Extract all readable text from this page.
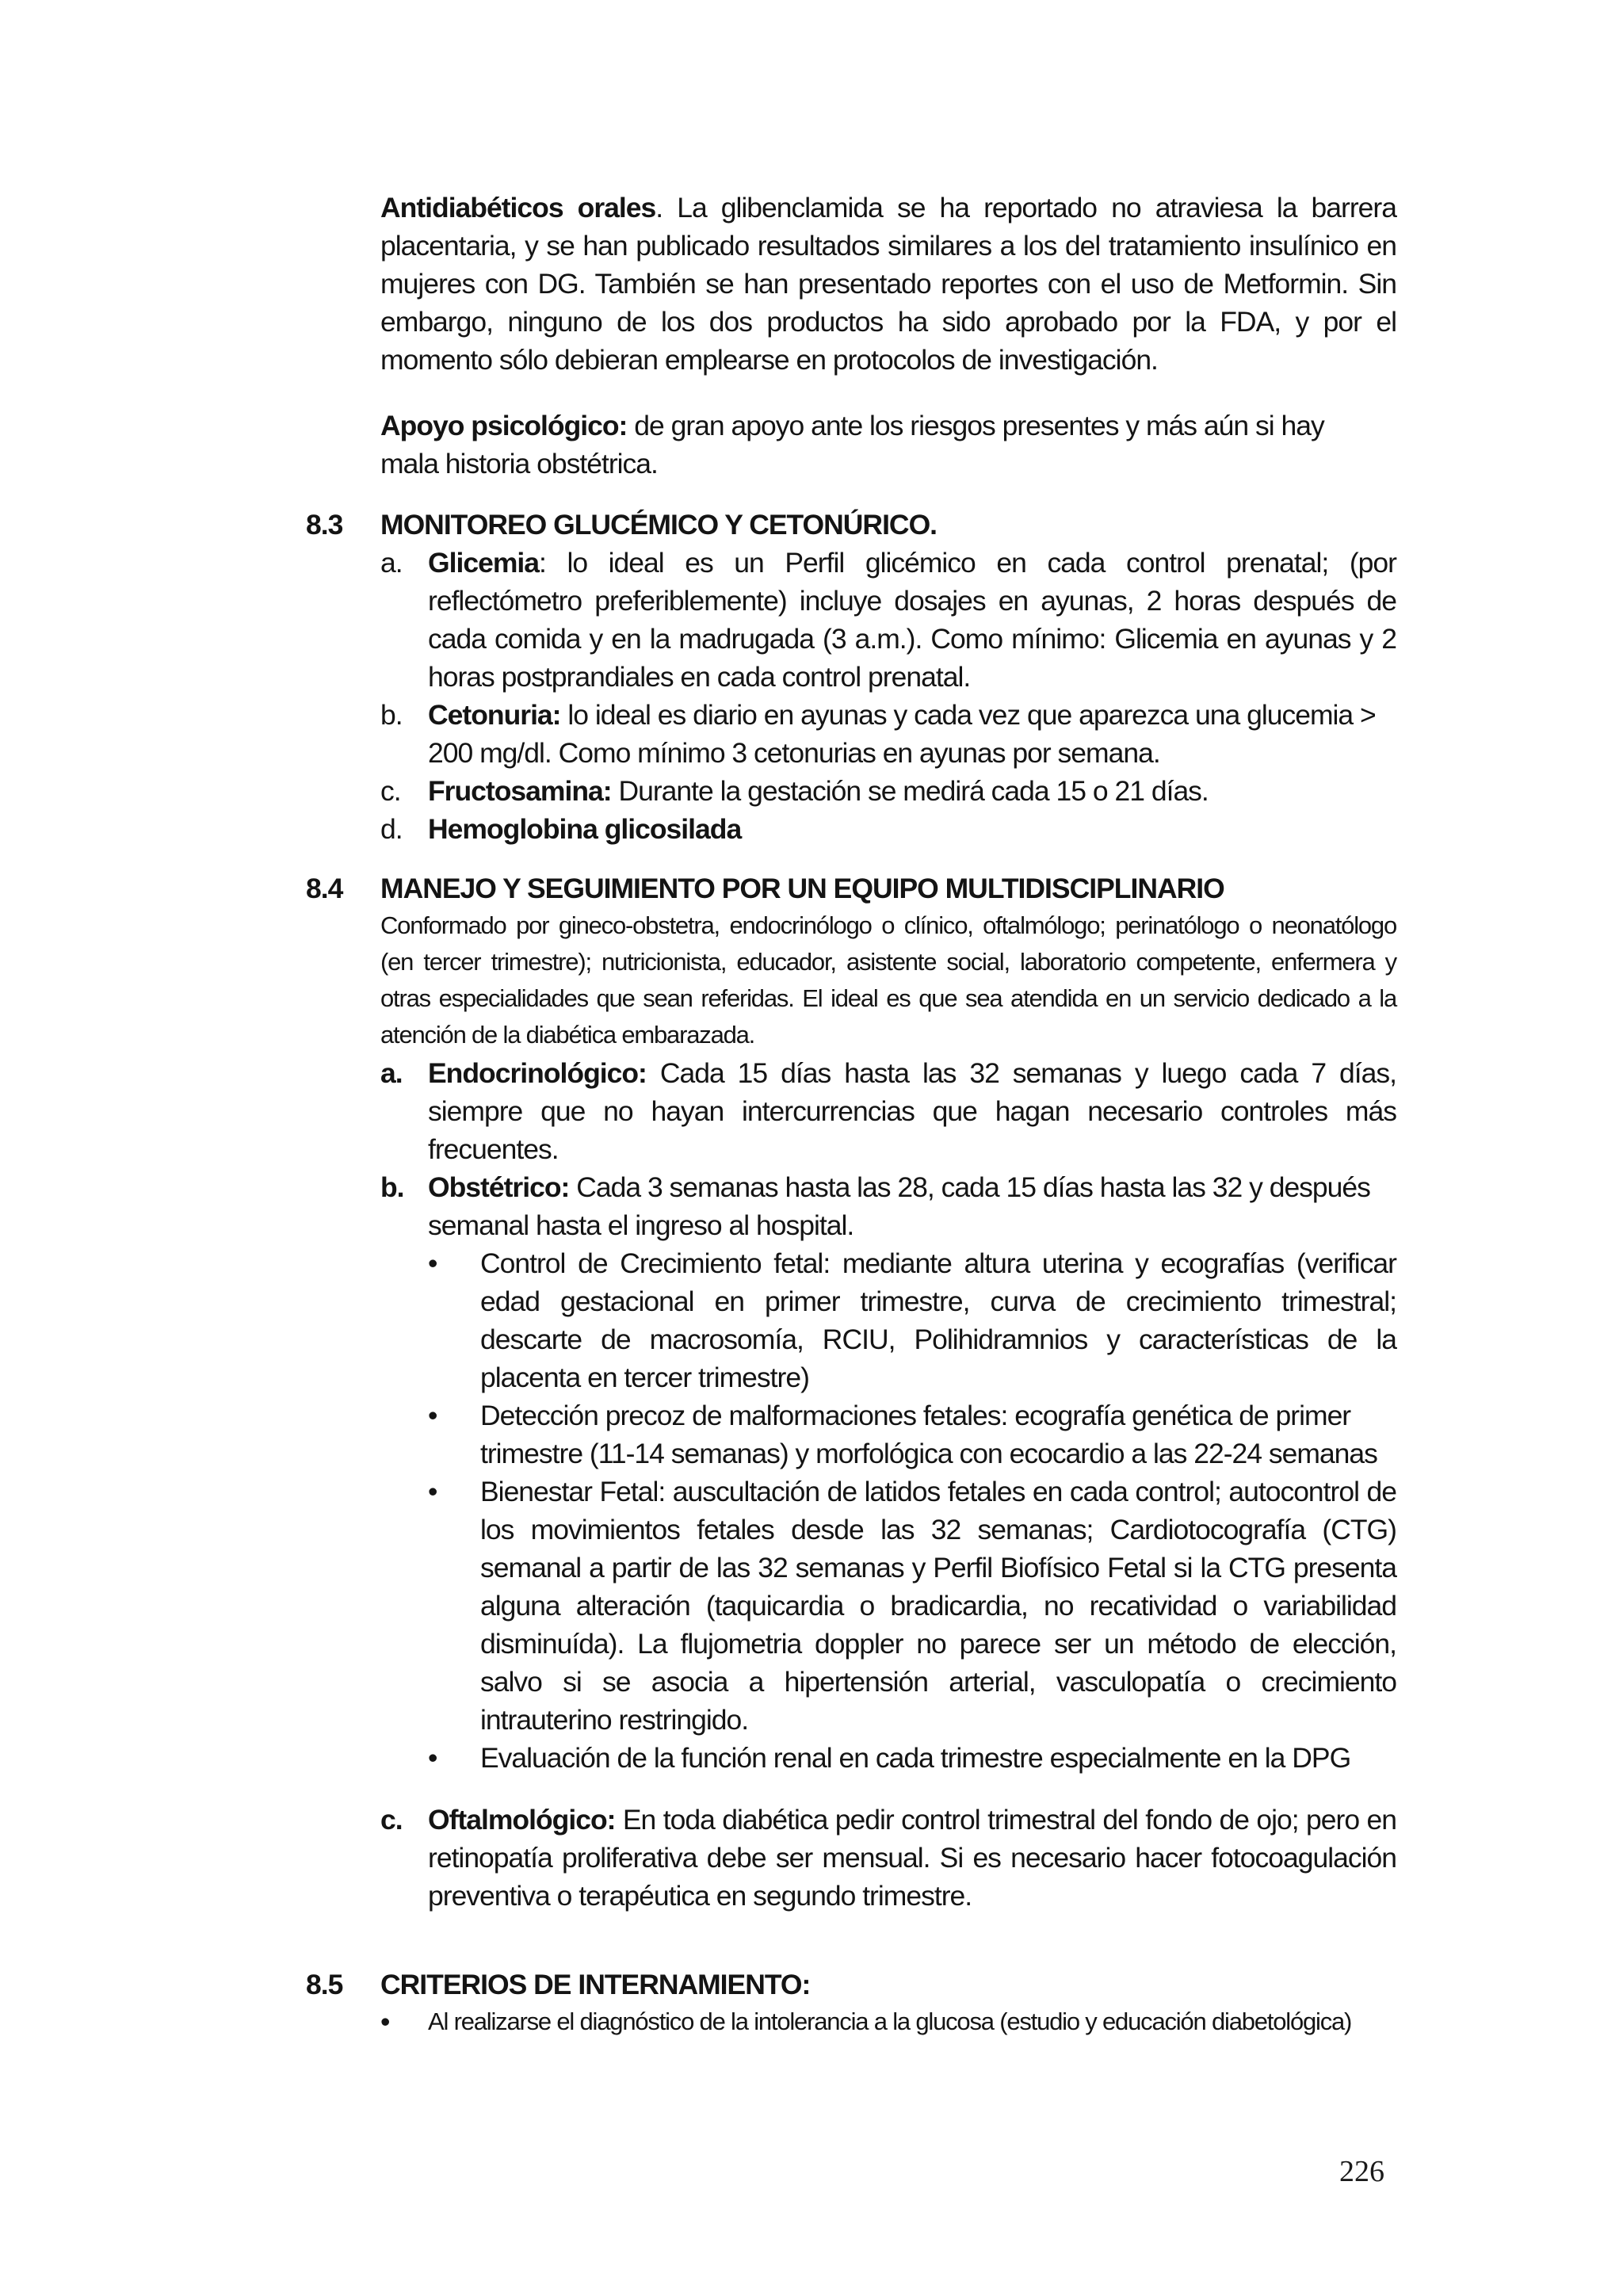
Antidiabéticos orales. La glibenclamida se ha reportado no atraviesa la barrera placentaria, y se han publicado resultados similares a los del tratamiento insulínico en mujeres con DG. También se han presentado reportes con el uso de Metformin. Sin embargo, ninguno de los dos productos ha sido aprobado por la FDA, y por el momento sólo debieran emplearse en protocolos de investigación.

Apoyo psicológico: de gran apoyo ante los riesgos presentes y más aún si hay mala historia obstétrica.

8.3 MONITOREO GLUCÉMICO Y CETONÚRICO.
a. Glicemia: lo ideal es un Perfil glicémico en cada control prenatal; (por reflectómetro preferiblemente) incluye dosajes en ayunas, 2 horas después de cada comida y en la madrugada (3 a.m.). Como mínimo: Glicemia en ayunas y 2 horas postprandiales en cada control prenatal.
b. Cetonuria: lo ideal es diario en ayunas y cada vez que aparezca una glucemia > 200 mg/dl. Como mínimo 3 cetonurias en ayunas por semana.
c. Fructosamina: Durante la gestación se medirá cada 15 o 21 días.
d. Hemoglobina glicosilada
8.4 MANEJO Y SEGUIMIENTO POR UN EQUIPO MULTIDISCIPLINARIO

Conformado por gineco-obstetra, endocrinólogo o clínico, oftalmólogo; perinatólogo o neonatólogo (en tercer trimestre); nutricionista, educador, asistente social, laboratorio competente, enfermera y otras especialidades que sean referidas. El ideal es que sea atendida en un servicio dedicado a la atención de la diabética embarazada.

a. Endocrinológico: Cada 15 días hasta las 32 semanas y luego cada 7 días, siempre que no hayan intercurrencias que hagan necesario controles más frecuentes.
b. Obstétrico: Cada 3 semanas hasta las 28, cada 15 días hasta las 32 y después semanal hasta el ingreso al hospital.
• Control de Crecimiento fetal: mediante altura uterina y ecografías (verificar edad gestacional en primer trimestre, curva de crecimiento trimestral; descarte de macrosomía, RCIU, Polihidramnios y características de la placenta en tercer trimestre)
• Detección precoz de malformaciones fetales: ecografía genética de primer trimestre (11-14 semanas) y morfológica con ecocardio a las 22-24 semanas
• Bienestar Fetal: auscultación de latidos fetales en cada control; autocontrol de los movimientos fetales desde las 32 semanas; Cardiotocografía (CTG) semanal a partir de las 32 semanas y Perfil Biofísico Fetal si la CTG presenta alguna alteración (taquicardia o bradicardia, no recatividad o variabilidad disminuída). La flujometria doppler no parece ser un método de elección, salvo si se asocia a hipertensión arterial, vasculopatía o crecimiento intrauterino restringido.
• Evaluación de la función renal en cada trimestre especialmente en la DPG
c. Oftalmológico: En toda diabética pedir control trimestral del fondo de ojo; pero en retinopatía proliferativa debe ser mensual. Si es necesario hacer fotocoagulación preventiva o terapéutica en segundo trimestre.
8.5 CRITERIOS DE INTERNAMIENTO:
• Al realizarse el diagnóstico de la intolerancia a la glucosa (estudio y educación diabetológica)
226
